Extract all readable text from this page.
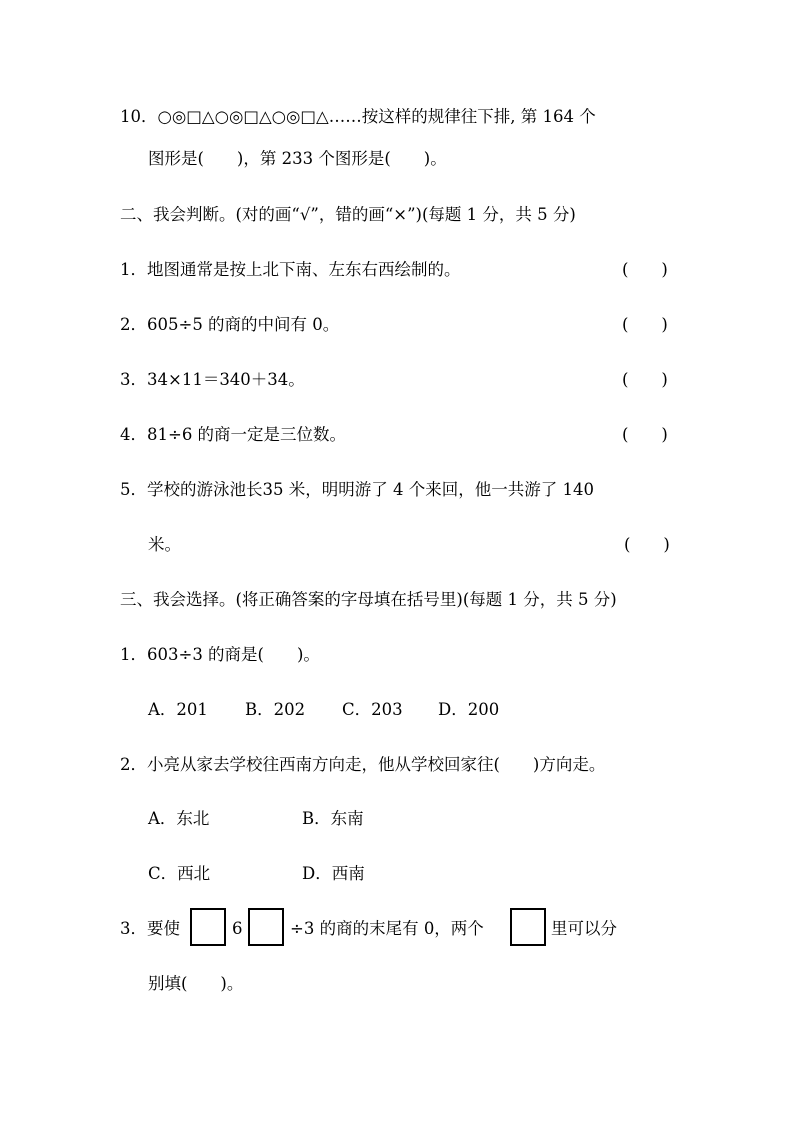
10．○◎□△○◎□△○◎□△……按这样的规律往下排, 第 164 个
图形是(　　)，第 233 个图形是(　　)。
二、我会判断。(对的画“√”，错的画“×”)(每题 1 分，共 5 分)
1．地图通常是按上北下南、左东右西绘制的。	(　　)
2．605÷5 的商的中间有 0。	(　　)
3．34×11＝340＋34。	(　　)
4．81÷6 的商一定是三位数。	(　　)
5．学校的游泳池长35 米，明明游了 4 个来回，他一共游了 140
米。	(　　)
三、我会选择。(将正确答案的字母填在括号里)(每题 1 分，共 5 分)
1．603÷3 的商是(　　)。
A．201 B．202 C．203 D．200
2．小亮从家去学校往西南方向走，他从学校回家往(　　)方向走。
A．东北	B．东南
C．西北	D．西南
3．要使	6	÷3 的商的末尾有 0，两个	里可以分
别填(　　)。
